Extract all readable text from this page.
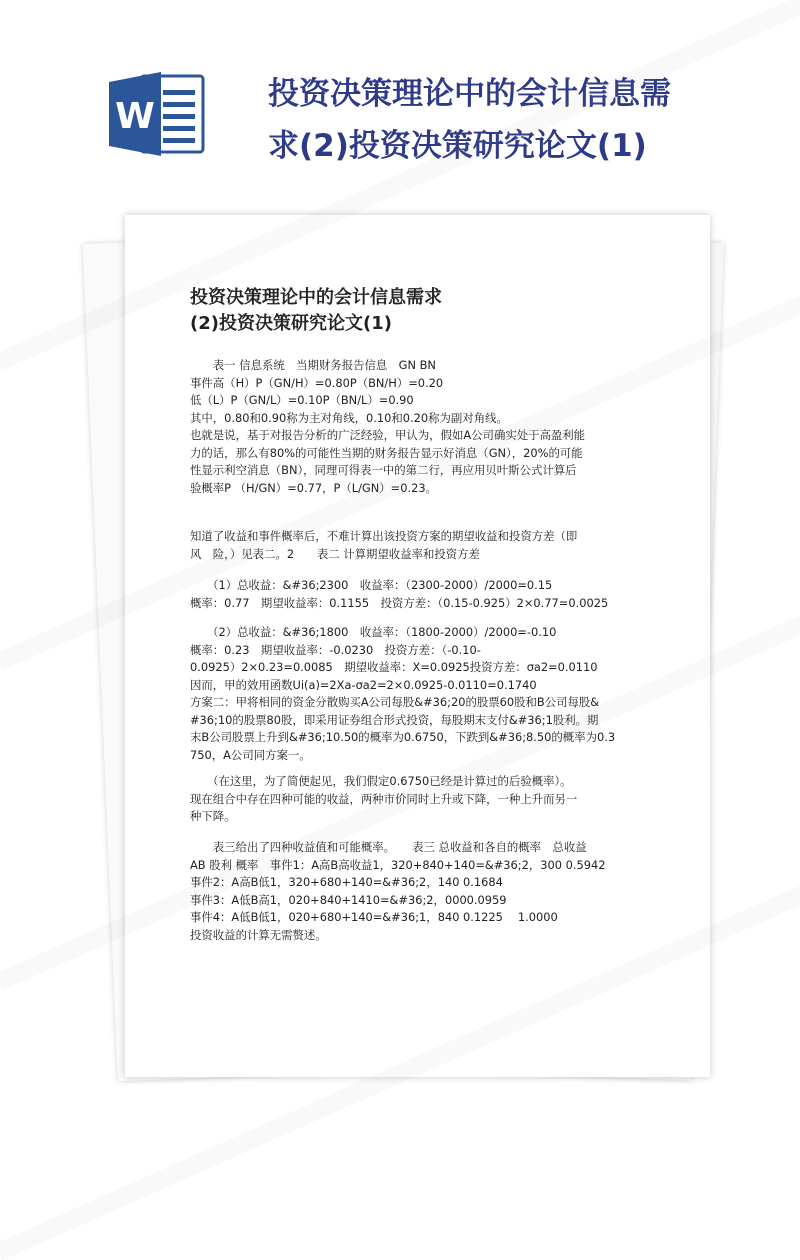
W
投资决策理论中的会计信息需
求(2)投资决策研究论文(1)
投资决策理论中的会计信息需求
(2)投资决策研究论文(1)
　　表一 信息系统　当期财务报告信息　GN BN
事件高（H）P（GN/H）=0.80P（BN/H）=0.20
低（L）P（GN/L）=0.10P（BN/L）=0.90
其中，0.80和0.90称为主对角线，0.10和0.20称为副对角线。
也就是说，基于对报告分析的广泛经验，甲认为，假如A公司确实处于高盈利能
力的话，那么有80%的可能性当期的财务报告显示好消息（GN），20%的可能
性显示利空消息（BN），同理可得表一中的第二行，再应用贝叶斯公式计算后
验概率P （H/GN）=0.77，P（L/GN）=0.23。
知道了收益和事件概率后，不难计算出该投资方案的期望收益和投资方差（即
风　险，）见表二。2　　表二 计算期望收益率和投资方差
　　（1）总收益：&#36;2300　收益率：（2300-2000）/2000=0.15
概率：0.77　期望收益率：0.1155　投资方差：（0.15-0.925）2×0.77=0.0025
　　（2）总收益：&#36;1800　收益率：（1800-2000）/2000=-0.10
概率：0.23　期望收益率：-0.0230　投资方差：（-0.10-
0.0925）2×0.23=0.0085　期望收益率：X=0.0925投资方差：σa2=0.0110
因而，甲的效用函数Ui(a)=2Xa-σa2=2×0.0925-0.0110=0.1740
方案二：甲将相同的资金分散购买A公司每股&#36;20的股票60股和B公司每股&
#36;10的股票80股，即采用证券组合形式投资，每股期末支付&#36;1股利。期
末B公司股票上升到&#36;10.50的概率为0.6750，下跌到&#36;8.50的概率为0.3
750，A公司同方案一。
　　（在这里，为了简便起见，我们假定0.6750已经是计算过的后验概率）。
现在组合中存在四种可能的收益，两种市价同时上升或下降，一种上升而另一
种下降。
　　表三给出了四种收益值和可能概率。　　表三 总收益和各自的概率　总收益
AB 股利 概率　事件1：A高B高收益1，320+840+140=&#36;2，300 0.5942
事件2：A高B低1，320+680+140=&#36;2，140 0.1684
事件3：A低B高1，020+840+1410=&#36;2，0000.0959
事件4：A低B低1，020+680+140=&#36;1，840 0.1225　 1.0000
投资收益的计算无需赘述。
